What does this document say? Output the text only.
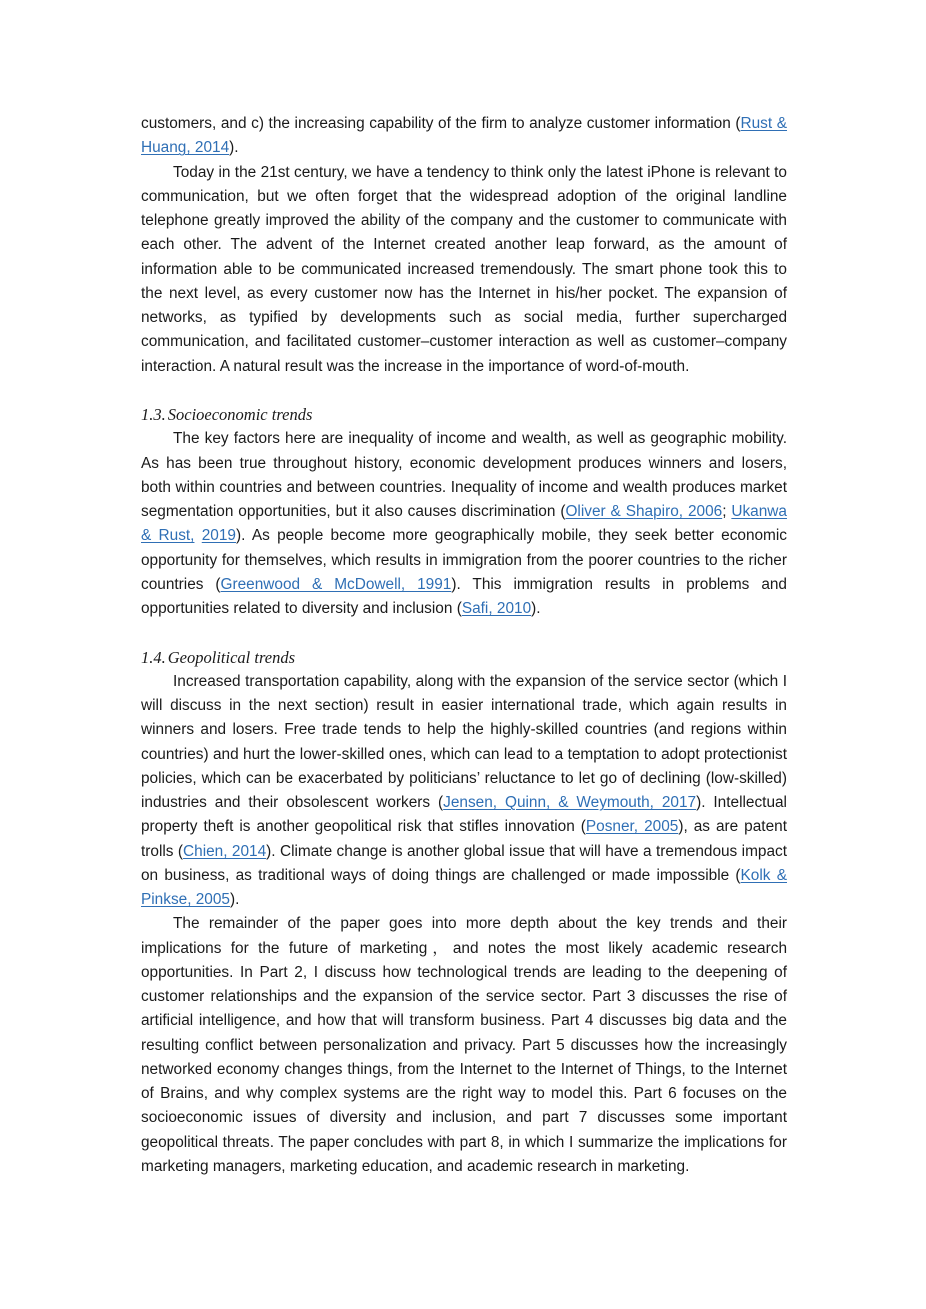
customers, and c) the increasing capability of the firm to analyze customer information (Rust & Huang, 2014).

Today in the 21st century, we have a tendency to think only the latest iPhone is relevant to communication, but we often forget that the widespread adoption of the original landline telephone greatly improved the ability of the company and the customer to communicate with each other. The advent of the Internet created another leap forward, as the amount of information able to be communicated increased tremendously. The smart phone took this to the next level, as every customer now has the Internet in his/her pocket. The expansion of networks, as typified by developments such as social media, further supercharged communication, and facilitated customer–customer interaction as well as customer–company interaction. A natural result was the increase in the importance of word-of-mouth.

1.3. Socioeconomic trends

The key factors here are inequality of income and wealth, as well as geographic mobility. As has been true throughout history, economic development produces winners and losers, both within countries and between countries. Inequality of income and wealth produces market segmentation opportunities, but it also causes discrimination (Oliver & Shapiro, 2006; Ukanwa & Rust, 2019). As people become more geographically mobile, they seek better economic opportunity for themselves, which results in immigration from the poorer countries to the richer countries (Greenwood & McDowell, 1991). This immigration results in problems and opportunities related to diversity and inclusion (Safi, 2010).

1.4. Geopolitical trends

Increased transportation capability, along with the expansion of the service sector (which I will discuss in the next section) result in easier international trade, which again results in winners and losers. Free trade tends to help the highly-skilled countries (and regions within countries) and hurt the lower-skilled ones, which can lead to a temptation to adopt protectionist policies, which can be exacerbated by politicians’ reluctance to let go of declining (low-skilled) industries and their obsolescent workers (Jensen, Quinn, & Weymouth, 2017). Intellectual property theft is another geopolitical risk that stifles innovation (Posner, 2005), as are patent trolls (Chien, 2014). Climate change is another global issue that will have a tremendous impact on business, as traditional ways of doing things are challenged or made impossible (Kolk & Pinkse, 2005).

The remainder of the paper goes into more depth about the key trends and their implications for the future of marketing，and notes the most likely academic research opportunities. In Part 2, I discuss how technological trends are leading to the deepening of customer relationships and the expansion of the service sector. Part 3 discusses the rise of artificial intelligence, and how that will transform business. Part 4 discusses big data and the resulting conflict between personalization and privacy. Part 5 discusses how the increasingly networked economy changes things, from the Internet to the Internet of Things, to the Internet of Brains, and why complex systems are the right way to model this. Part 6 focuses on the socioeconomic issues of diversity and inclusion, and part 7 discusses some important geopolitical threats. The paper concludes with part 8, in which I summarize the implications for marketing managers, marketing education, and academic research in marketing.
